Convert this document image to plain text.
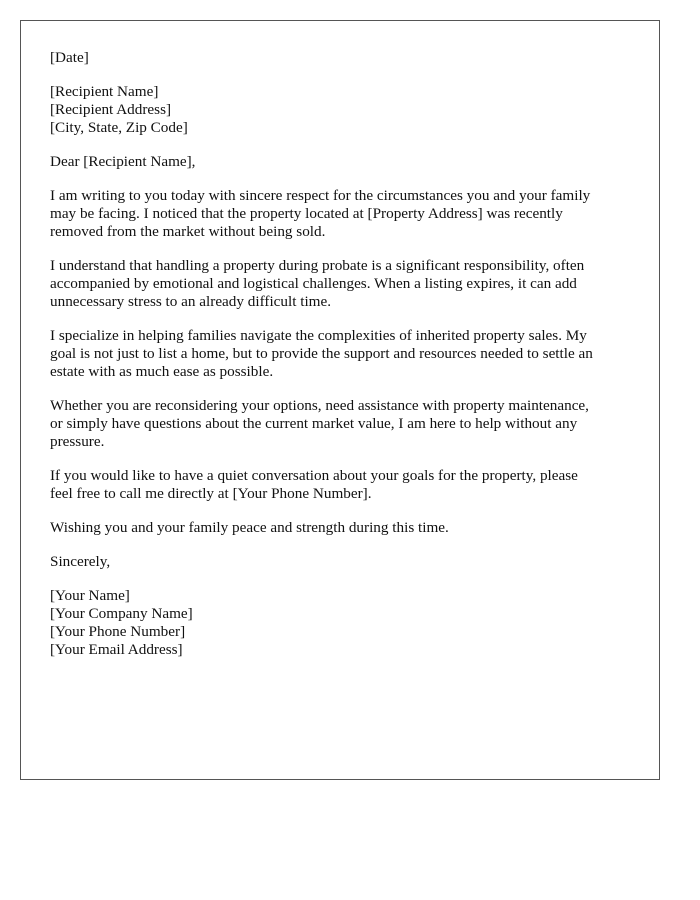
[Date]
[Recipient Name]
[Recipient Address]
[City, State, Zip Code]
Dear [Recipient Name],
I am writing to you today with sincere respect for the circumstances you and your family
may be facing. I noticed that the property located at [Property Address] was recently
removed from the market without being sold.
I understand that handling a property during probate is a significant responsibility, often
accompanied by emotional and logistical challenges. When a listing expires, it can add
unnecessary stress to an already difficult time.
I specialize in helping families navigate the complexities of inherited property sales. My
goal is not just to list a home, but to provide the support and resources needed to settle an
estate with as much ease as possible.
Whether you are reconsidering your options, need assistance with property maintenance,
or simply have questions about the current market value, I am here to help without any
pressure.
If you would like to have a quiet conversation about your goals for the property, please
feel free to call me directly at [Your Phone Number].
Wishing you and your family peace and strength during this time.
Sincerely,
[Your Name]
[Your Company Name]
[Your Phone Number]
[Your Email Address]
